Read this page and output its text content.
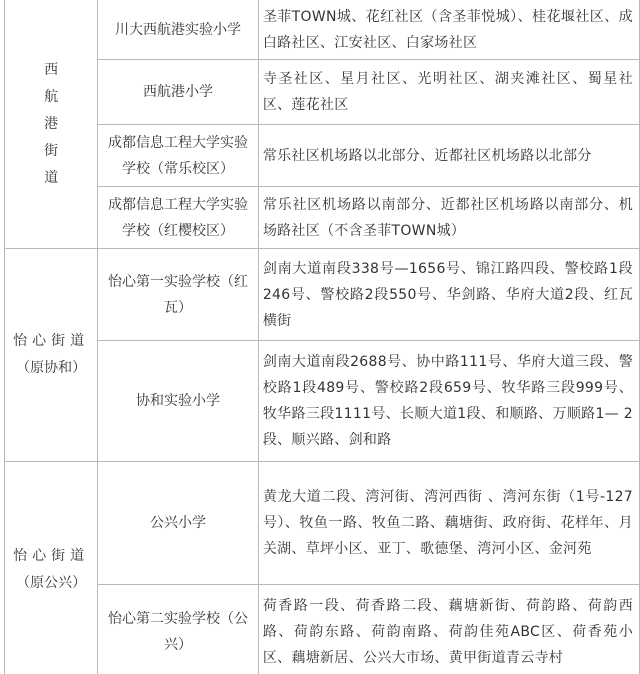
西航港街道	川大西航港实验小学	圣菲TOWN城、花红社区（含圣菲悦城）、桂花堰社区、成白路社区、江安社区、白家场社区
	西航港小学	寺圣社区、星月社区、光明社区、湖夹滩社区、蜀星社区、莲花社区
	成都信息工程大学实验学校（常乐校区）	常乐社区机场路以北部分、近都社区机场路以北部分
	成都信息工程大学实验学校（红樱校区）	常乐社区机场路以南部分、近都社区机场路以南部分、机场路社区（不含圣菲TOWN城）

怡心街道
（原协和）	怡心第一实验学校（红瓦）	剑南大道南段338号—1656号、锦江路四段、警校路1段246号、警校路2段550号、华剑路、华府大道2段、红瓦横街
	协和实验小学	剑南大道南段2688号、协中路111号、华府大道三段、警校路1段489号、警校路2段659号、牧华路三段999号、牧华路三段1111号、长顺大道1段、和顺路、万顺路1— 2段、顺兴路、剑和路

怡心街道
（原公兴）	公兴小学	黄龙大道二段、湾河街、湾河西街 、湾河东街（1号-127号）、牧鱼一路、牧鱼二路、藕塘街、政府街、花样年、月关湖、草坪小区、亚丁、歌德堡、湾河小区、金河苑
	怡心第二实验学校（公兴）	荷香路一段、荷香路二段、藕塘新街、荷韵路、荷韵西路、荷韵东路、荷韵南路、荷韵佳苑ABC区、荷香苑小区、藕塘新居、公兴大市场、黄甲街道青云寺村
